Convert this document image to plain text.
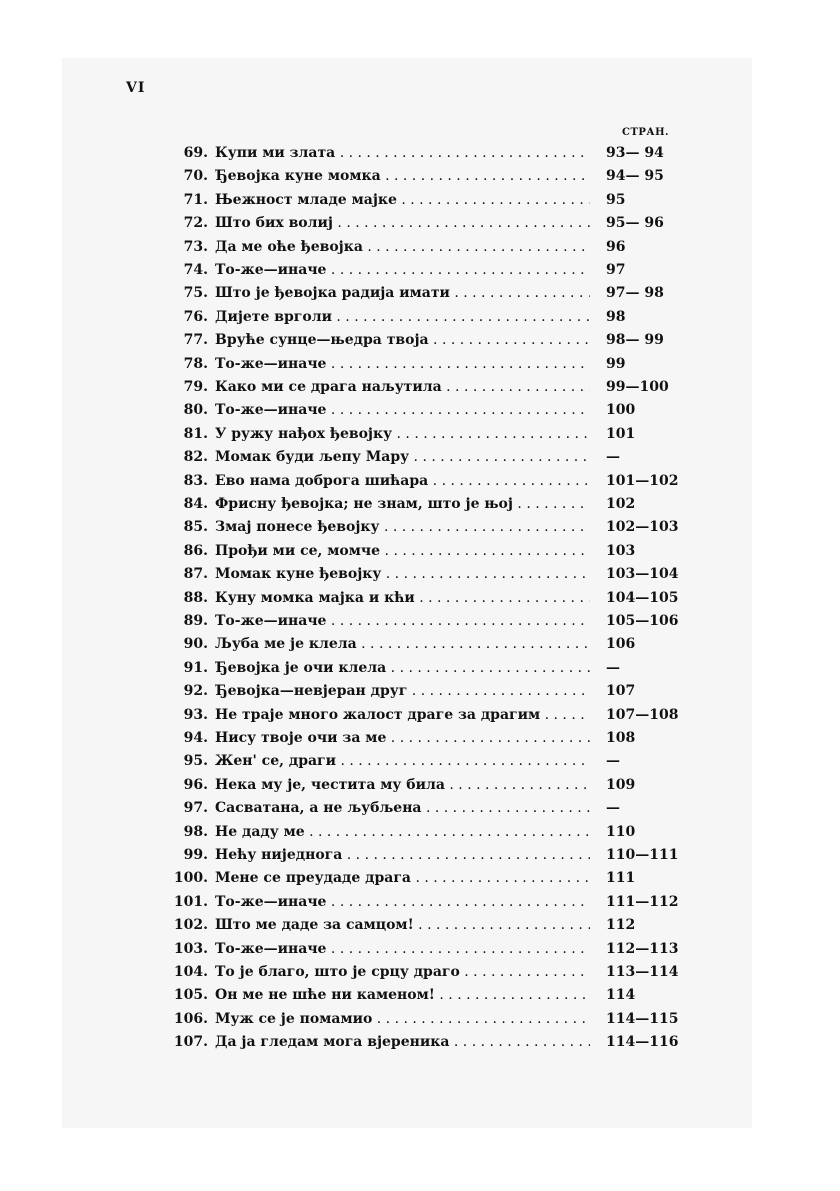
VI
СТРАН.
69. Купи ми злата . . .	93— 94
70. Ђевојка куне момка . . .	94— 95
71. Њежност младе мајке . . .	95
72. Што бих волиј . . .	95— 96
73. Да ме оће ђевојка . . .	96
74. То-же—иначе . . .	97
75. Што је ђевојка радија имати . . .	97— 98
76. Дијете врголи . . .	98
77. Вруће сунце—њедра твоја . . .	98— 99
78. То-же—иначе . . .	99
79. Како ми се драга наљутила . . .	99—100
80. То-же—иначе . . .	100
81. У ружу нађох ђевојку . . .	101
82. Момак буди љепу Мару . . .	—
83. Ево нама доброга шићара . . .	101—102
84. Фрисну ђевојка; не знам, што је њој . . .	102
85. Змај понесе ђевојку . . .	102—103
86. Прођи ми се, момче . . .	103
87. Момак куне ђевојку . . .	103—104
88. Куну момка мајка и кћи . . .	104—105
89. То-же—иначе . . .	105—106
90. Љуба ме је клела . . .	106
91. Ђевојка је очи клела . . .	—
92. Ђевојка—невјеран друг . . .	107
93. Не траје много жалост драге за драгим . . .	107—108
94. Нису твоје очи за ме . . .	108
95. Жен' се, драги . . .	—
96. Нека му је, честита му била . . .	109
97. Сасватана, а не љубљена . . .	—
98. Не даду ме . . .	110
99. Нећу ниједнога . . .	110—111
100. Мене се преудаде драга . . .	111
101. То-же—иначе . . .	111—112
102. Што ме даде за самцом! . . .	112
103. То-же—иначе . . .	112—113
104. То је благо, што је срцу драго . . .	113—114
105. Он ме не шће ни каменом! . . .	114
106. Муж се је помамио . . .	114—115
107. Да ја гледам мога вјереника . . .	114—116
